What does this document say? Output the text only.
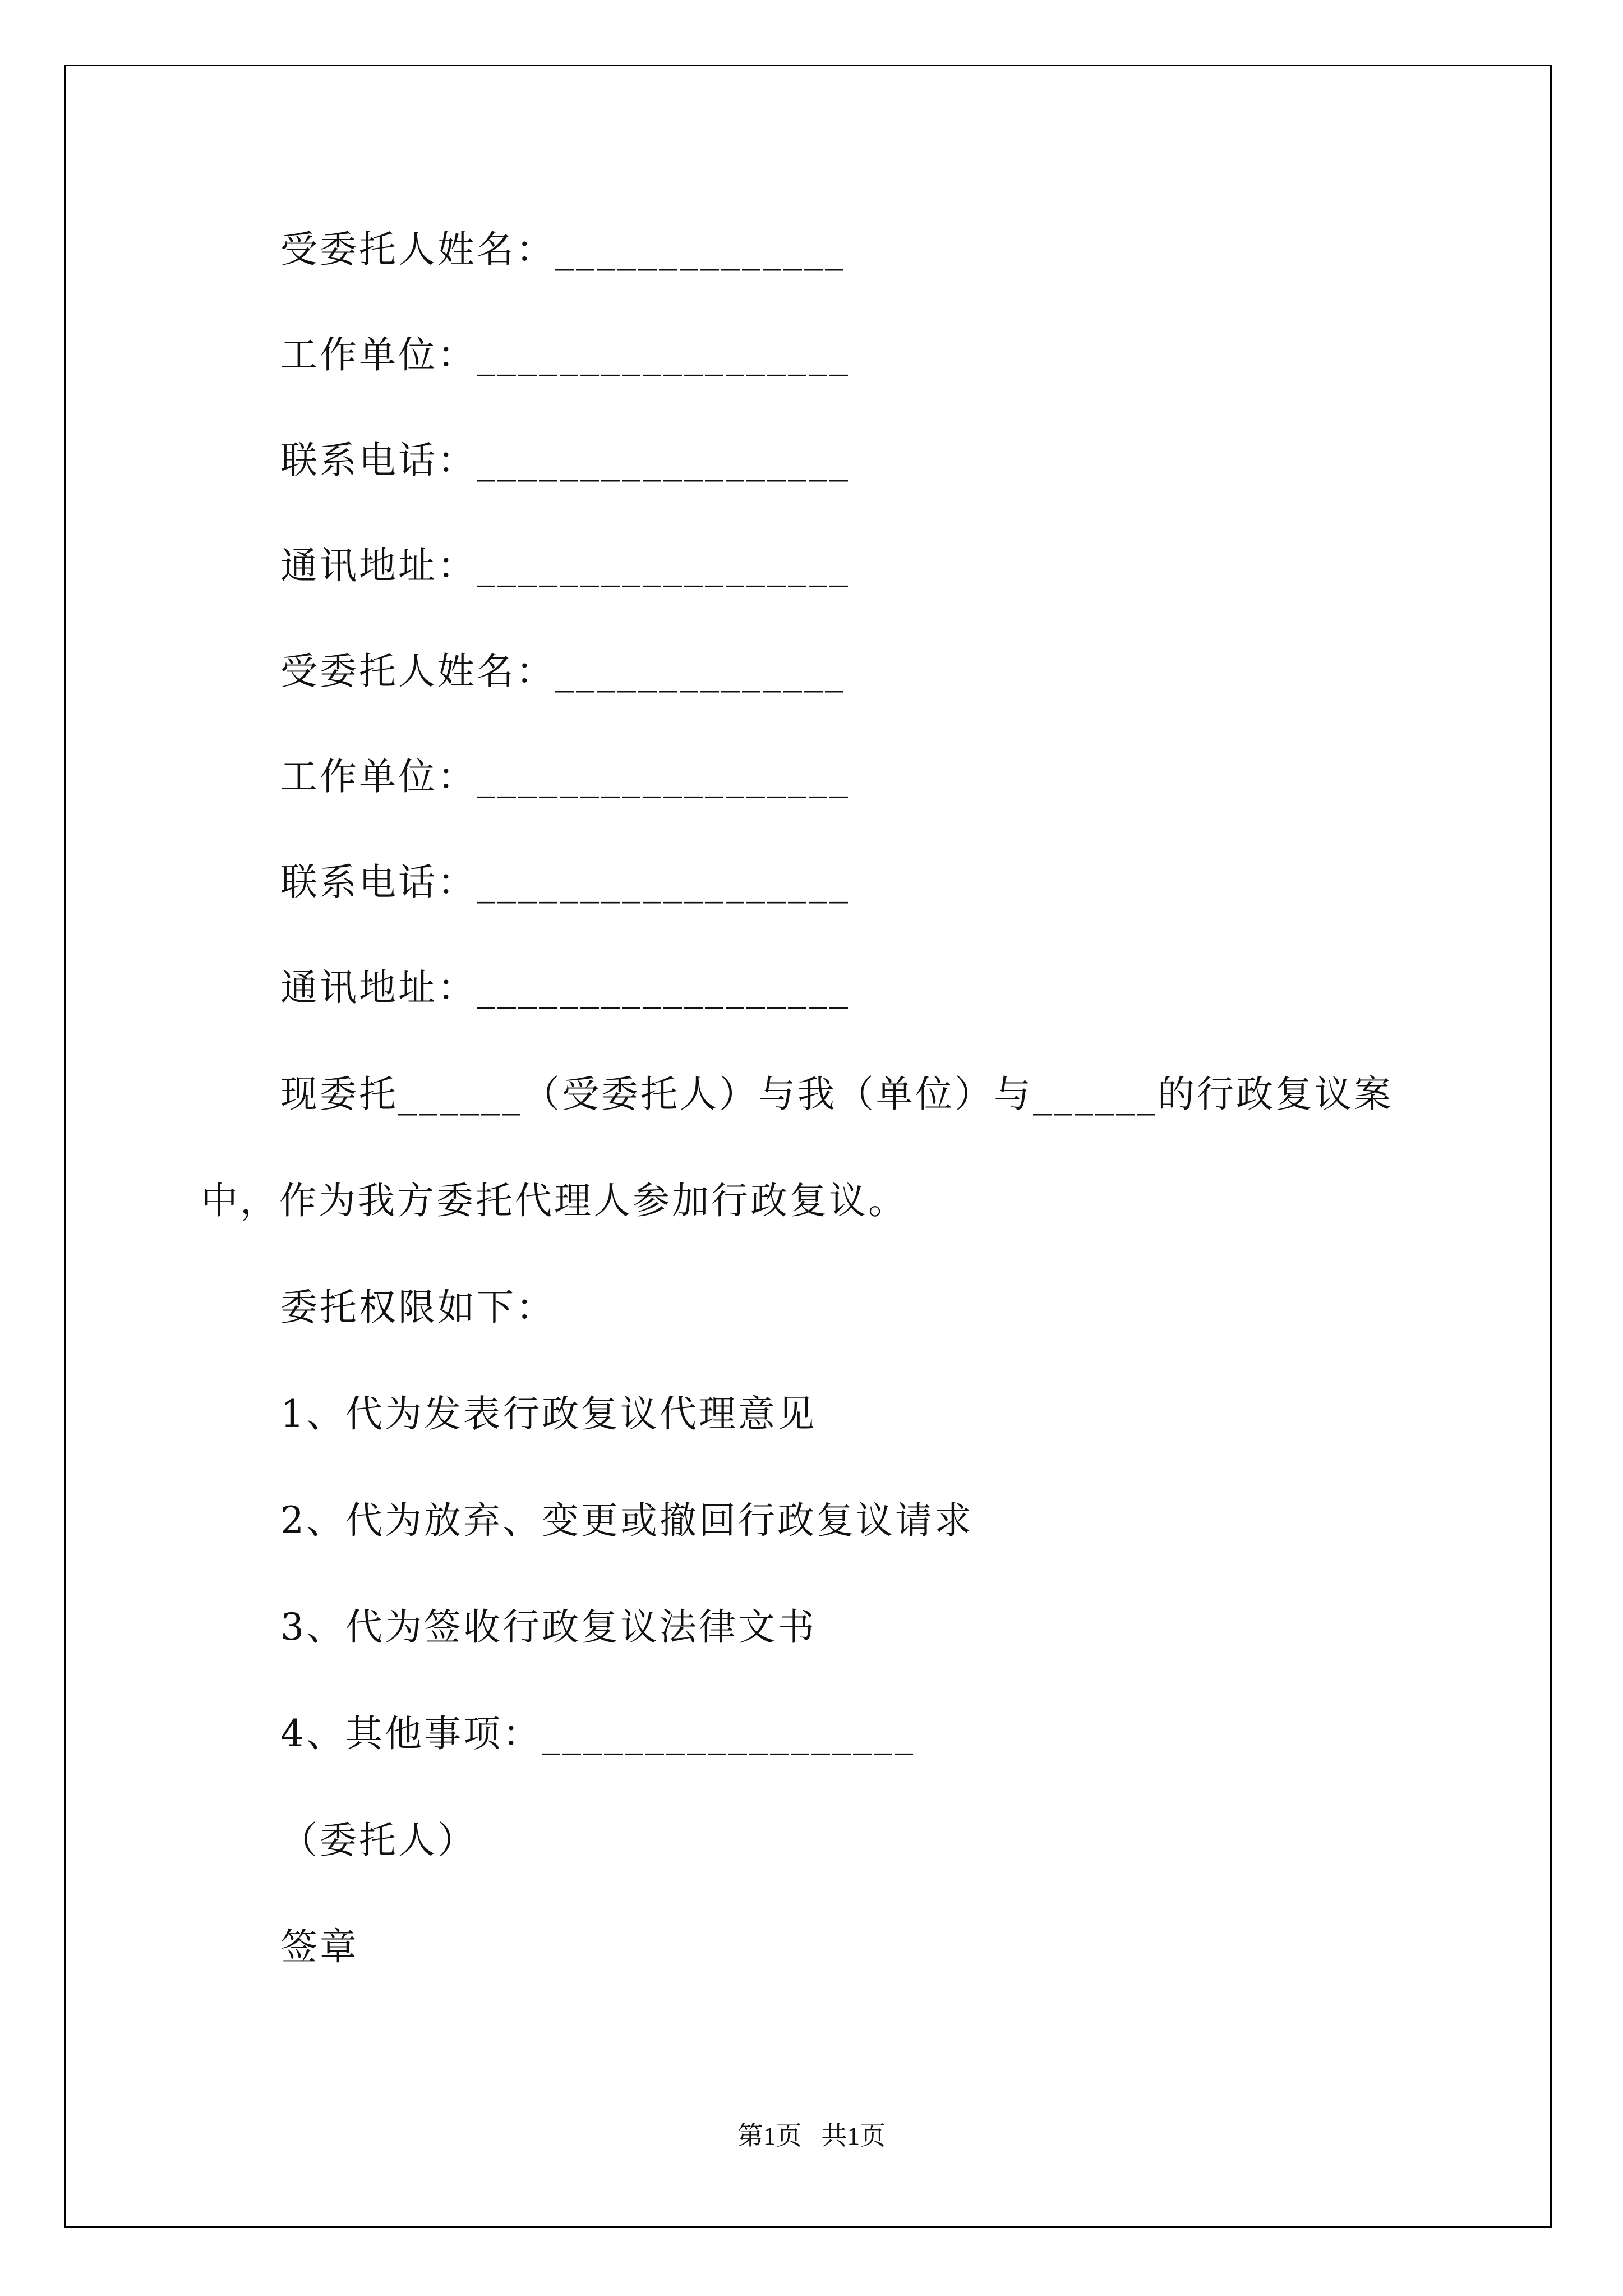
受委托人姓名：______________
工作单位：__________________
联系电话：__________________
通讯地址：__________________
受委托人姓名：______________
工作单位：__________________
联系电话：__________________
通讯地址：__________________
现委托______（受委托人）与我（单位）与______的行政复议案
中，作为我方委托代理人参加行政复议。
委托权限如下：
1、代为发表行政复议代理意见
2、代为放弃、变更或撤回行政复议请求
3、代为签收行政复议法律文书
4、其他事项：__________________
（委托人）
签章
第1页   共1页
